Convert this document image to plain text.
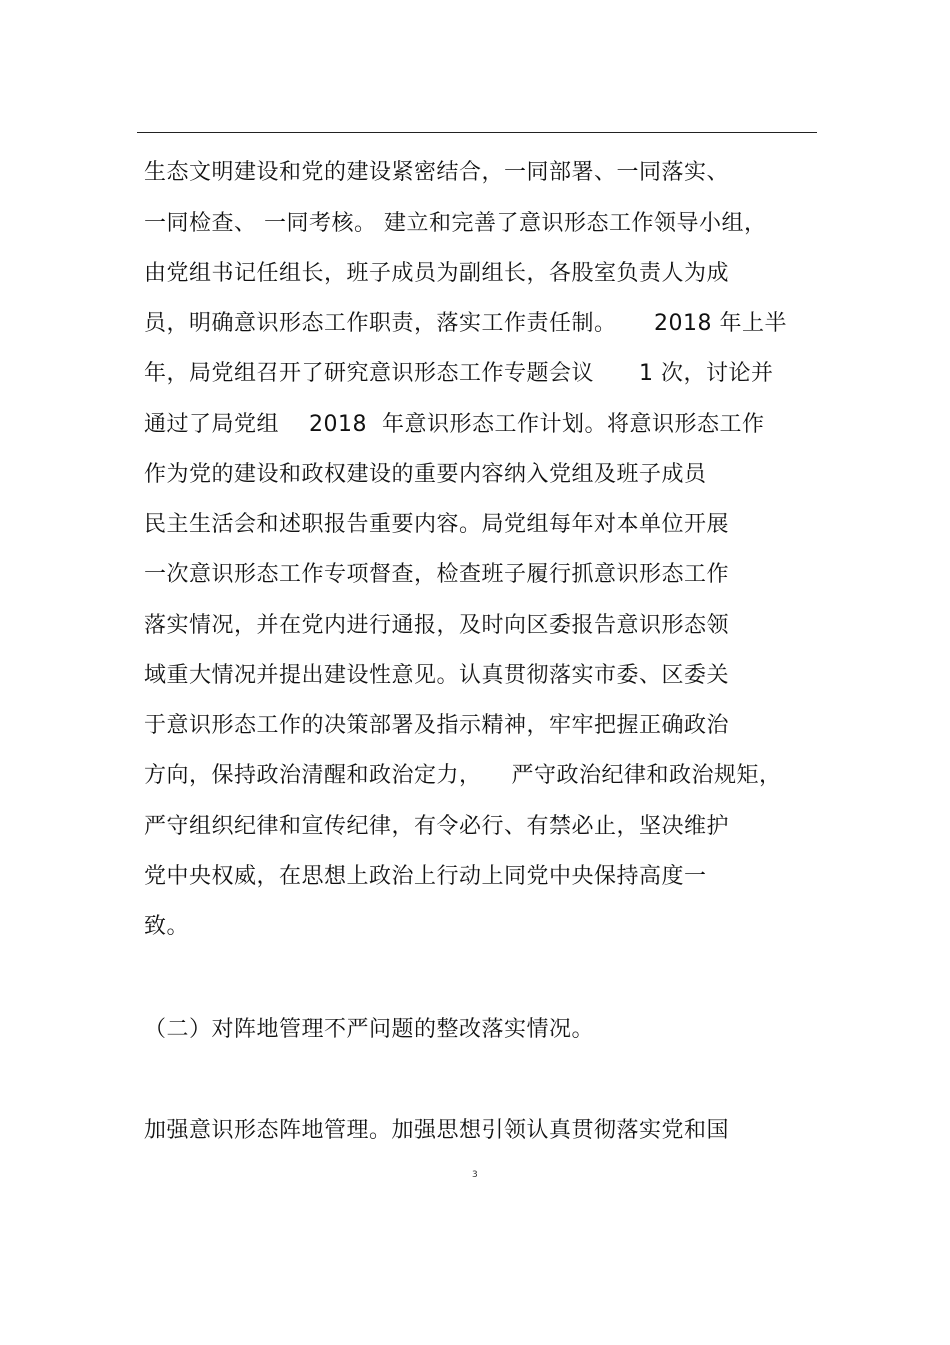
生态文明建设和党的建设紧密结合，一同部署、一同落实、
一同检查、 一同考核。 建立和完善了意识形态工作领导小组，
由党组书记任组长，班子成员为副组长，各股室负责人为成
员，明确意识形态工作职责，落实工作责任制。     2018 年上半
年，局党组召开了研究意识形态工作专题会议      1 次，讨论并
通过了局党组    2018  年意识形态工作计划。将意识形态工作
作为党的建设和政权建设的重要内容纳入党组及班子成员
民主生活会和述职报告重要内容。局党组每年对本单位开展
一次意识形态工作专项督查，检查班子履行抓意识形态工作
落实情况，并在党内进行通报，及时向区委报告意识形态领
域重大情况并提出建设性意见。认真贯彻落实市委、区委关
于意识形态工作的决策部署及指示精神，牢牢把握正确政治
方向，保持政治清醒和政治定力，    严守政治纪律和政治规矩，
严守组织纪律和宣传纪律，有令必行、有禁必止，坚决维护
党中央权威，在思想上政治上行动上同党中央保持高度一
致。
（二）对阵地管理不严问题的整改落实情况。
加强意识形态阵地管理。加强思想引领认真贯彻落实党和国
3
